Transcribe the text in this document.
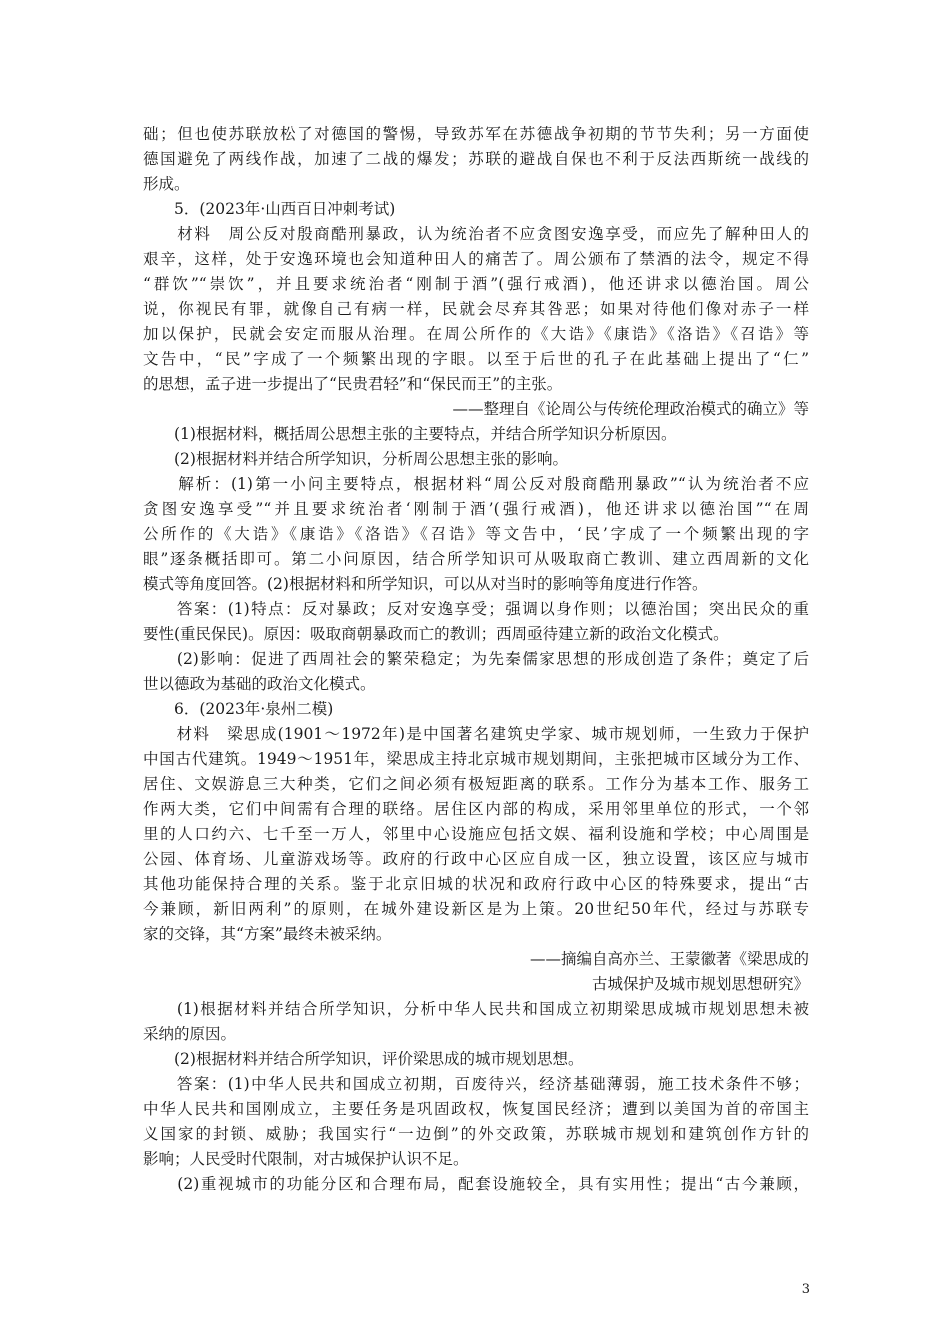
础；但也使苏联放松了对德国的警惕，导致苏军在苏德战争初期的节节失利；另一方面使
德国避免了两线作战，加速了二战的爆发；苏联的避战自保也不利于反法西斯统一战线的
形成。
　　5．(2023年·山西百日冲刺考试)
　　材料　周公反对殷商酷刑暴政，认为统治者不应贪图安逸享受，而应先了解种田人的
艰辛，这样，处于安逸环境也会知道种田人的痛苦了。周公颁布了禁酒的法令，规定不得
“群饮”“崇饮”，并且要求统治者“刚制于酒”(强行戒酒)，他还讲求以德治国。周公
说，你视民有罪，就像自己有病一样，民就会尽弃其咎恶；如果对待他们像对赤子一样
加以保护，民就会安定而服从治理。在周公所作的《大诰》《康诰》《洛诰》《召诰》等
文告中，“民”字成了一个频繁出现的字眼。以至于后世的孔子在此基础上提出了“仁”
的思想，孟子进一步提出了“民贵君轻”和“保民而王”的主张。
——整理自《论周公与传统伦理政治模式的确立》等
　　(1)根据材料，概括周公思想主张的主要特点，并结合所学知识分析原因。
　　(2)根据材料并结合所学知识，分析周公思想主张的影响。
　　解析：(1)第一小问主要特点，根据材料“周公反对殷商酷刑暴政”“认为统治者不应
贪图安逸享受”“并且要求统治者‘刚制于酒’(强行戒酒)，他还讲求以德治国”“在周
公所作的《大诰》《康诰》《洛诰》《召诰》等文告中，‘民’字成了一个频繁出现的字
眼”逐条概括即可。第二小问原因，结合所学知识可从吸取商亡教训、建立西周新的文化
模式等角度回答。(2)根据材料和所学知识，可以从对当时的影响等角度进行作答。
　　答案：(1)特点：反对暴政；反对安逸享受；强调以身作则；以德治国；突出民众的重
要性(重民保民)。原因：吸取商朝暴政而亡的教训；西周亟待建立新的政治文化模式。
　　(2)影响：促进了西周社会的繁荣稳定；为先秦儒家思想的形成创造了条件；奠定了后
世以德政为基础的政治文化模式。
　　6．(2023年·泉州二模)
　　材料　梁思成(1901～1972年)是中国著名建筑史学家、城市规划师，一生致力于保护
中国古代建筑。1949～1951年，梁思成主持北京城市规划期间，主张把城市区域分为工作、
居住、文娱游息三大种类，它们之间必须有极短距离的联系。工作分为基本工作、服务工
作两大类，它们中间需有合理的联络。居住区内部的构成，采用邻里单位的形式，一个邻
里的人口约六、七千至一万人，邻里中心设施应包括文娱、福利设施和学校；中心周围是
公园、体育场、儿童游戏场等。政府的行政中心区应自成一区，独立设置，该区应与城市
其他功能保持合理的关系。鉴于北京旧城的状况和政府行政中心区的特殊要求，提出“古
今兼顾，新旧两利”的原则，在城外建设新区是为上策。20世纪50年代，经过与苏联专
家的交锋，其“方案”最终未被采纳。
——摘编自高亦兰、王蒙徽著《梁思成的
古城保护及城市规划思想研究》
　　(1)根据材料并结合所学知识，分析中华人民共和国成立初期梁思成城市规划思想未被
采纳的原因。
　　(2)根据材料并结合所学知识，评价梁思成的城市规划思想。
　　答案：(1)中华人民共和国成立初期，百废待兴，经济基础薄弱，施工技术条件不够；
中华人民共和国刚成立，主要任务是巩固政权，恢复国民经济；遭到以美国为首的帝国主
义国家的封锁、威胁；我国实行“一边倒”的外交政策，苏联城市规划和建筑创作方针的
影响；人民受时代限制，对古城保护认识不足。
　　(2)重视城市的功能分区和合理布局，配套设施较全，具有实用性；提出“古今兼顾，
3
